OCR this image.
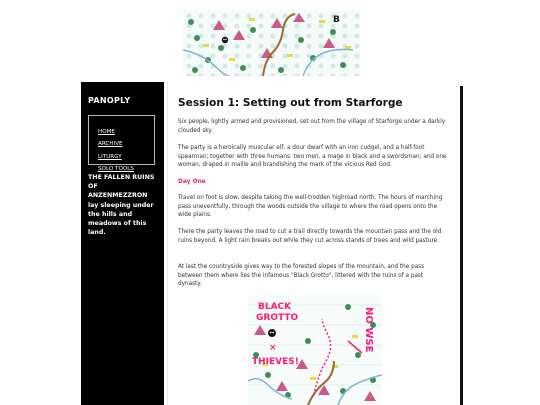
B
PANOPLY
HOME
ARCHIVE
LITURGY
SOLO TOOLS
THE FALLEN RUINS OF ANZENMEZZRON lay sleeping under the hills and meadows of this land.
Session 1: Setting out from Starforge

Six people, lightly armed and provisioned, set out from the village of Starforge under a darkly clouded sky.

The party is a heroically muscular elf, a dour dwarf with an iron cudgel, and a half-foot spearman; together with three humans: two men, a mage in black and a swordsman; and one woman, draped in maille and brandishing the mark of the vicious Red God.

Day One

Travel on foot is slow, despite taking the well-trodden highroad north. The hours of marching pass uneventfully, through the woods outside the village to where the road opens onto the wide plains.

There the party leaves the road to cut a trail directly towards the mountain pass and the old ruins beyond. A light rain breaks out while they cut across stands of trees and wild pasture.

At last the countryside gives way to the forested slopes of the mountain, and the pass between them where lies the infamous "Black Grotto", littered with the ruins of a past dynasty.

BLACK
GROTTO
×
THIEVES!
NO WSE
